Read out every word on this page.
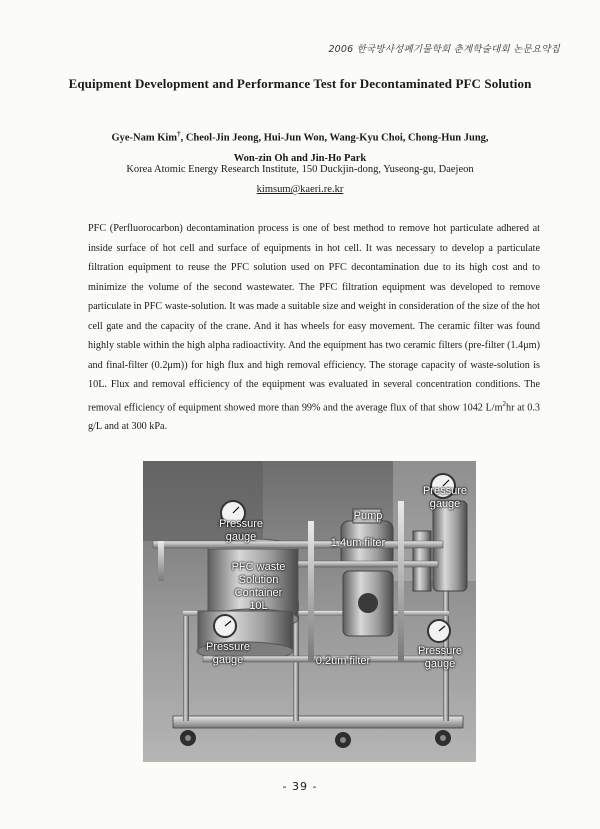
2006 한국방사성폐기물학회 춘계학술대회 논문요약집
Equipment Development and Performance Test for Decontaminated PFC Solution
Gye-Nam Kim†, Cheol-Jin Jeong, Hui-Jun Won, Wang-Kyu Choi, Chong-Hun Jung,
Won-zin Oh and Jin-Ho Park
Korea Atomic Energy Research Institute, 150 Duckjin-dong, Yuseong-gu, Daejeon
kimsum@kaeri.re.kr
PFC (Perfluorocarbon) decontamination process is one of best method to remove hot particulate adhered at inside surface of hot cell and surface of equipments in hot cell. It was necessary to develop a particulate filtration equipment to reuse the PFC solution used on PFC decontamination due to its high cost and to minimize the volume of the second wastewater. The PFC filtration equipment was developed to remove particulate in PFC waste-solution. It was made a suitable size and weight in consideration of the size of the hot cell gate and the capacity of the crane. And it has wheels for easy movement. The ceramic filter was found highly stable within the high alpha radioactivity. And the equipment has two ceramic filters (pre-filter (1.4μm) and final-filter (0.2μm)) for high flux and high removal efficiency. The storage capacity of waste-solution is 10L. Flux and removal efficiency of the equipment was evaluated in several concentration conditions. The removal efficiency of equipment showed more than 99% and the average flux of that show 1042 $L/m^2hr$ at 0.3 g/L and at 300 kPa.
Pressure
gauge
Pressure
gauge
Pump
1.4um filter
PFC waste
Solution
Container
10L
Pressure
gauge	0.2um filter
Pressure
gauge
- 39 -
